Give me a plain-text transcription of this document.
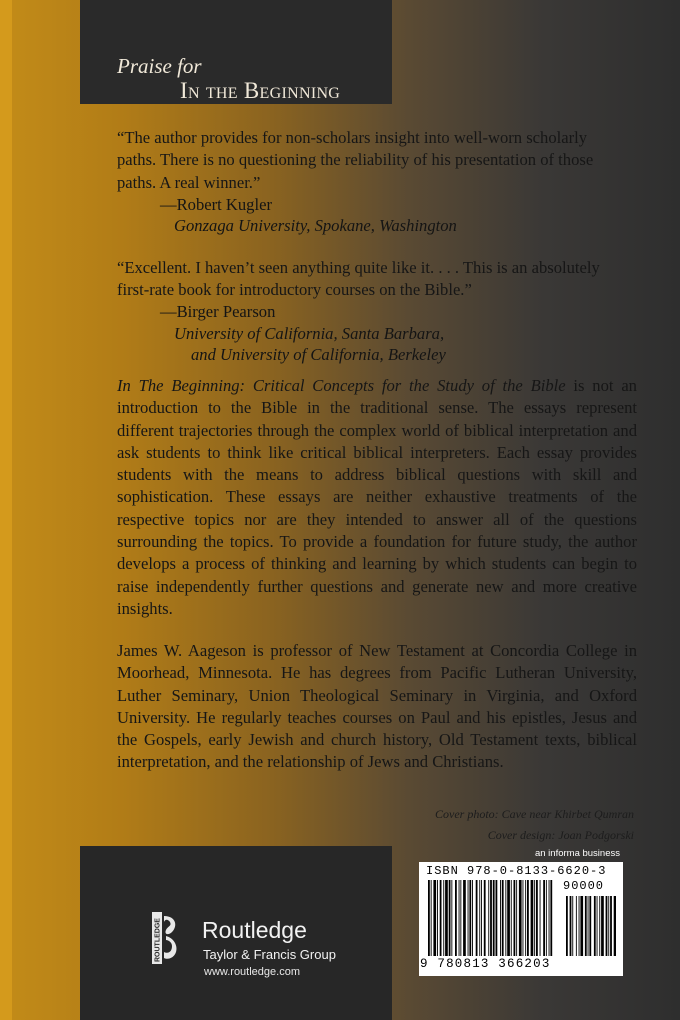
Praise for
In the Beginning
“The author provides for non-scholars insight into well-worn scholarly
paths. There is no questioning the reliability of his presentation of those
paths. A real winner.”
—Robert Kugler
Gonzaga University, Spokane, Washington
“Excellent. I haven’t seen anything quite like it. . . . This is an absolutely
first-rate book for introductory courses on the Bible.”
—Birger Pearson
University of California, Santa Barbara,
and University of California, Berkeley
In The Beginning: Critical Concepts for the Study of the Bible is not an introduction to the Bible in the traditional sense. The essays represent different trajectories through the complex world of biblical interpretation and ask students to think like critical biblical interpreters. Each essay provides students with the means to address biblical questions with skill and sophistication. These essays are neither exhaustive treatments of the respective topics nor are they intended to answer all of the questions surrounding the topics. To provide a foundation for future study, the author develops a process of thinking and learning by which students can begin to raise independently further questions and generate new and more creative insights.
James W. Aageson is professor of New Testament at Concordia College in Moorhead, Minnesota. He has degrees from Pacific Lutheran University, Luther Seminary, Union Theological Seminary in Virginia, and Oxford University. He regularly teaches courses on Paul and his epistles, Jesus and the Gospels, early Jewish and church history, Old Testament texts, biblical interpretation, and the relationship of Jews and Christians.
Cover photo: Cave near Khirbet Qumran
Cover design: Joan Podgorski
ROUTLEDGE Routledge
Taylor & Francis Group
www.routledge.com
an informa business
ISBN 978-0-8133-6620-3
90000
9 780813 366203
